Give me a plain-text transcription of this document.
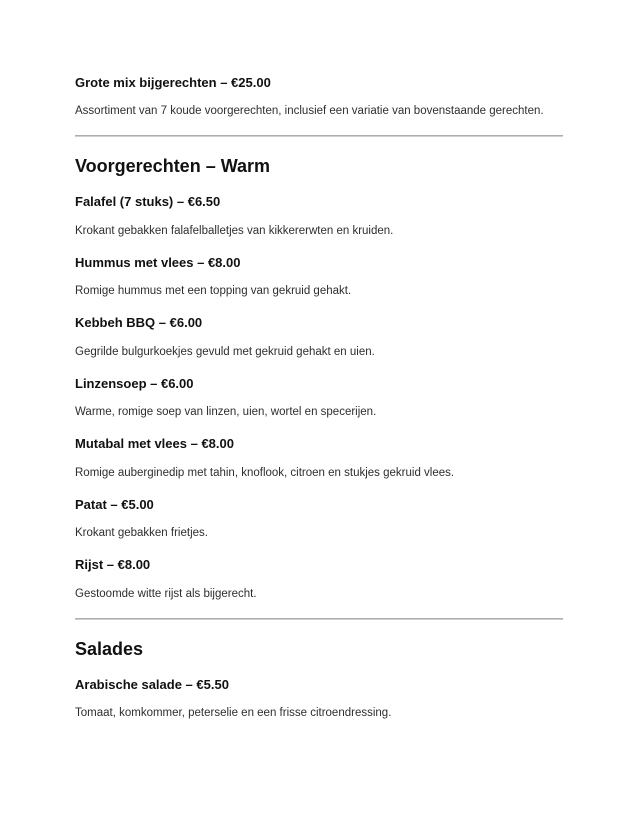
Grote mix bijgerechten – €25.00

Assortiment van 7 koude voorgerechten, inclusief een variatie van bovenstaande gerechten.

Voorgerechten – Warm

Falafel (7 stuks) – €6.50

Krokant gebakken falafelballetjes van kikkererwten en kruiden.

Hummus met vlees – €8.00

Romige hummus met een topping van gekruid gehakt.

Kebbeh BBQ – €6.00

Gegrilde bulgurkoekjes gevuld met gekruid gehakt en uien.

Linzensoep – €6.00

Warme, romige soep van linzen, uien, wortel en specerijen.

Mutabal met vlees – €8.00

Romige auberginedip met tahin, knoflook, citroen en stukjes gekruid vlees.

Patat – €5.00

Krokant gebakken frietjes.

Rijst – €8.00

Gestoomde witte rijst als bijgerecht.

Salades

Arabische salade – €5.50

Tomaat, komkommer, peterselie en een frisse citroendressing.
